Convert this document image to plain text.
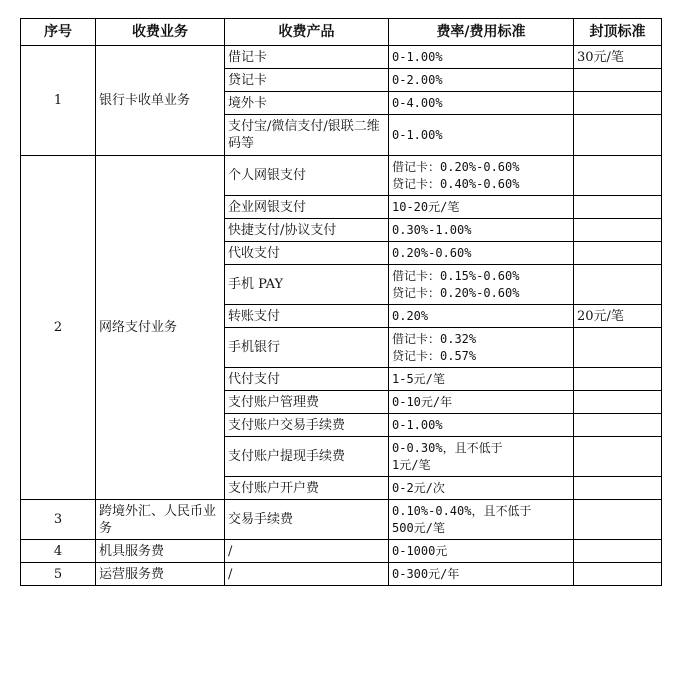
序号	收费业务	收费产品	费率/费用标准	封顶标准
1	银行卡收单业务	借记卡	0-1.00%	30元/笔
		贷记卡	0-2.00%	

		境外卡	0-4.00%	

		支付宝/微信支付/银联二维码等	0-1.00%	

2	网络支付业务	个人网银支付	借记卡：0.20%-0.60%
贷记卡：0.40%-0.60%	

		企业网银支付	10-20元/笔	

		快捷支付/协议支付	0.30%-1.00%	

		代收支付	0.20%-0.60%	

		手机 PAY	借记卡：0.15%-0.60%
贷记卡：0.20%-0.60%	

		转账支付	0.20%	20元/笔
		手机银行	借记卡：0.32%
贷记卡：0.57%	

		代付支付	1-5元/笔	

		支付账户管理费	0-10元/年	

		支付账户交易手续费	0-1.00%	

		支付账户提现手续费	0-0.30%，且不低于
1元/笔	

		支付账户开户费	0-2元/次	

3	跨境外汇、人民币业务	交易手续费	0.10%-0.40%，且不低于
500元/笔	

4	机具服务费	/	0-1000元	

5	运营服务费	/	0-300元/年	
